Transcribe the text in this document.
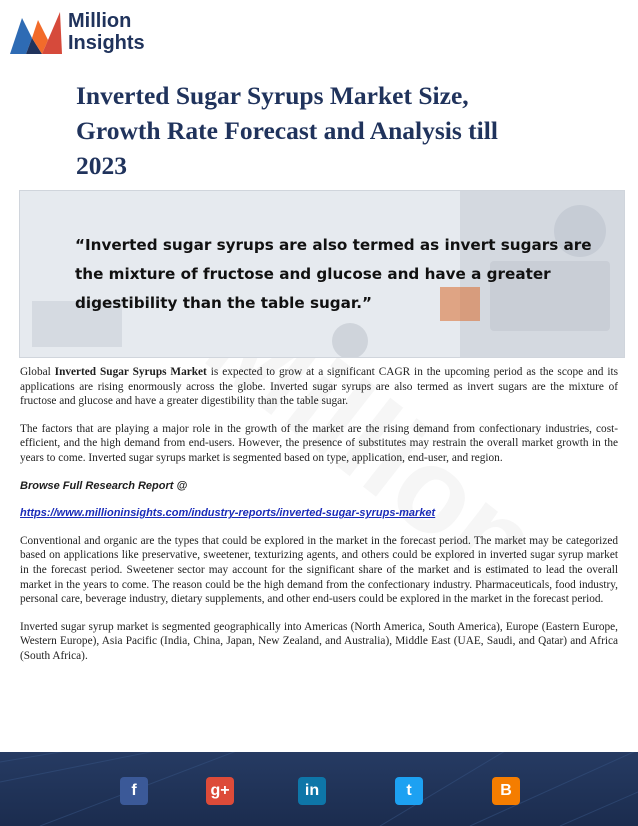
Million
Insights
Inverted Sugar Syrups Market Size, Growth Rate Forecast and Analysis till 2023

“Inverted sugar syrups are also termed as invert sugars are the mixture of fructose and glucose and have a greater digestibility than the table sugar.”

Global Inverted Sugar Syrups Market is expected to grow at a significant CAGR in the upcoming period as the scope and its applications are rising enormously across the globe. Inverted sugar syrups are also termed as invert sugars are the mixture of fructose and glucose and have a greater digestibility than the table sugar.

The factors that are playing a major role in the growth of the market are the rising demand from confectionary industries, cost-efficient, and the high demand from end-users. However, the presence of substitutes may restrain the overall market growth in the years to come. Inverted sugar syrups market is segmented based on type, application, end-user, and region.

Browse Full Research Report @

https://www.millioninsights.com/industry-reports/inverted-sugar-syrups-market

Conventional and organic are the types that could be explored in the market in the forecast period. The market may be categorized based on applications like preservative, sweetener, texturizing agents, and others could be explored in inverted sugar syrup market in the forecast period. Sweetener sector may account for the significant share of the market and is estimated to lead the overall market in the years to come. The reason could be the high demand from the confectionary industry. Pharmaceuticals, food industry, personal care, beverage industry, dietary supplements, and other end-users could be explored in the market in the forecast period.

Inverted sugar syrup market is segmented geographically into Americas (North America, South America), Europe (Eastern Europe, Western Europe), Asia Pacific (India, China, Japan, New Zealand, and Australia), Middle East (UAE, Saudi, and Qatar) and Africa (South Africa).

f	g+	in	t	B
